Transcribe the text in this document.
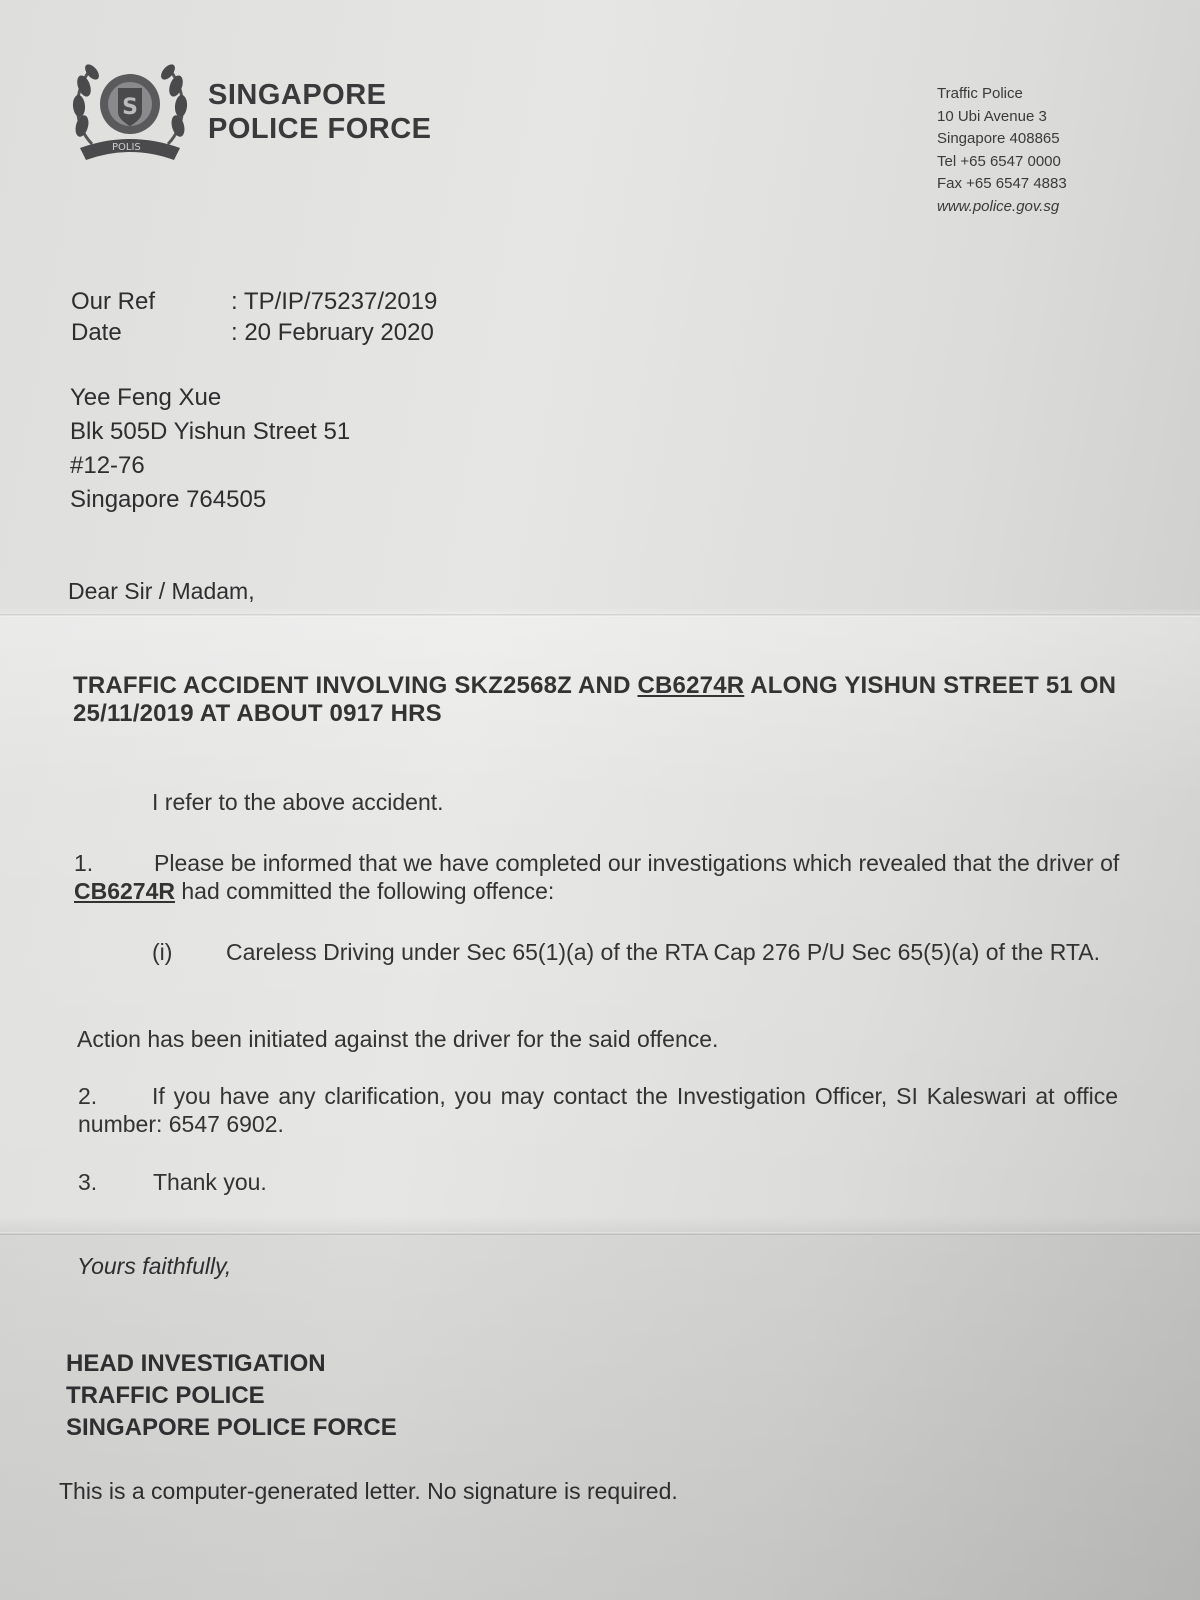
S
POLIS
SINGAPORE
POLICE FORCE
Traffic Police
10 Ubi Avenue 3
Singapore 408865
Tel +65 6547 0000
Fax +65 6547 4883
www.police.gov.sg
Our Ref	: TP/IP/75237/2019
Date	: 20 February 2020
Yee Feng Xue
Blk 505D Yishun Street 51
#12-76
Singapore 764505
Dear Sir / Madam,
TRAFFIC ACCIDENT INVOLVING SKZ2568Z AND CB6274R ALONG YISHUN STREET 51 ON 25/11/2019 AT ABOUT 0917 HRS
I refer to the above accident.
1.	Please be informed that we have completed our investigations which revealed that the driver of CB6274R had committed the following offence:
(i)	Careless Driving under Sec 65(1)(a) of the RTA Cap 276 P/U Sec 65(5)(a) of the RTA.
Action has been initiated against the driver for the said offence.
2. If you have any clarification, you may contact the Investigation Officer, SI Kaleswari at office number: 6547 6902.
3. Thank you.
Yours faithfully,
HEAD INVESTIGATION
TRAFFIC POLICE
SINGAPORE POLICE FORCE
This is a computer-generated letter. No signature is required.
